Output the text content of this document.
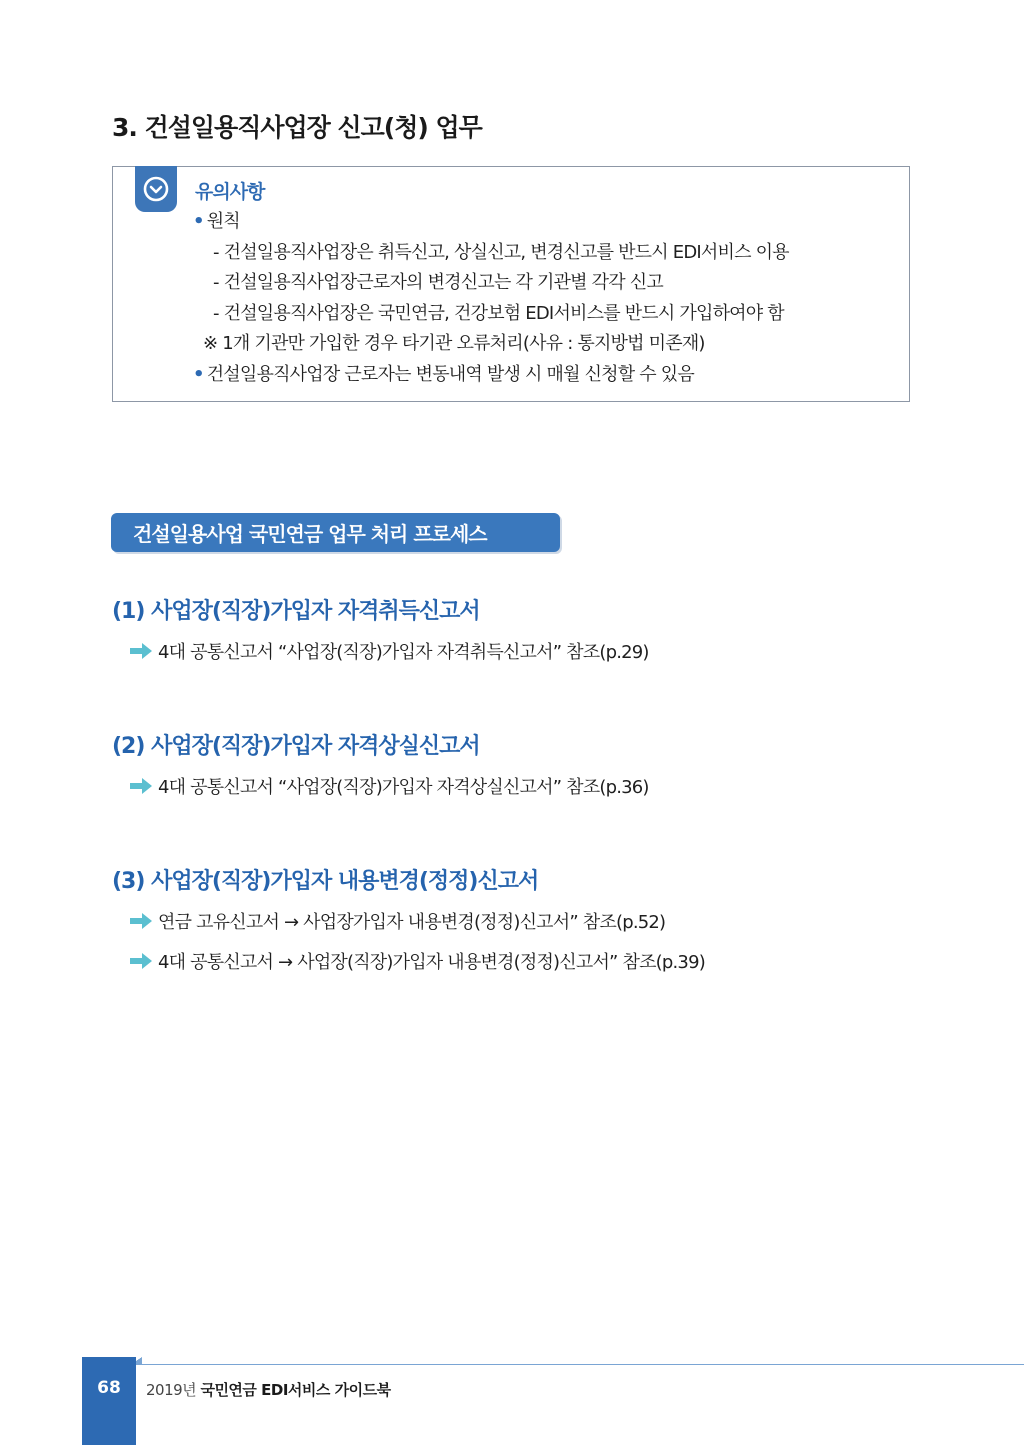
3. 건설일용직사업장 신고(청) 업무
유의사항
• 원칙
- 건설일용직사업장은 취득신고, 상실신고, 변경신고를 반드시 EDI서비스 이용
- 건설일용직사업장근로자의 변경신고는 각 기관별 각각 신고
- 건설일용직사업장은 국민연금, 건강보험 EDI서비스를 반드시 가입하여야 함
※ 1개 기관만 가입한 경우 타기관 오류처리(사유 : 통지방법 미존재)
• 건설일용직사업장 근로자는 변동내역 발생 시 매월 신청할 수 있음
건설일용사업 국민연금 업무 처리 프로세스
(1) 사업장(직장)가입자 자격취득신고서
4대 공통신고서 “사업장(직장)가입자 자격취득신고서” 참조(p.29)
(2) 사업장(직장)가입자 자격상실신고서
4대 공통신고서 “사업장(직장)가입자 자격상실신고서” 참조(p.36)
(3) 사업장(직장)가입자 내용변경(정정)신고서
연금 고유신고서 → 사업장가입자 내용변경(정정)신고서” 참조(p.52)
4대 공통신고서 → 사업장(직장)가입자 내용변경(정정)신고서” 참조(p.39)
68	2019년 국민연금 EDI서비스 가이드북
